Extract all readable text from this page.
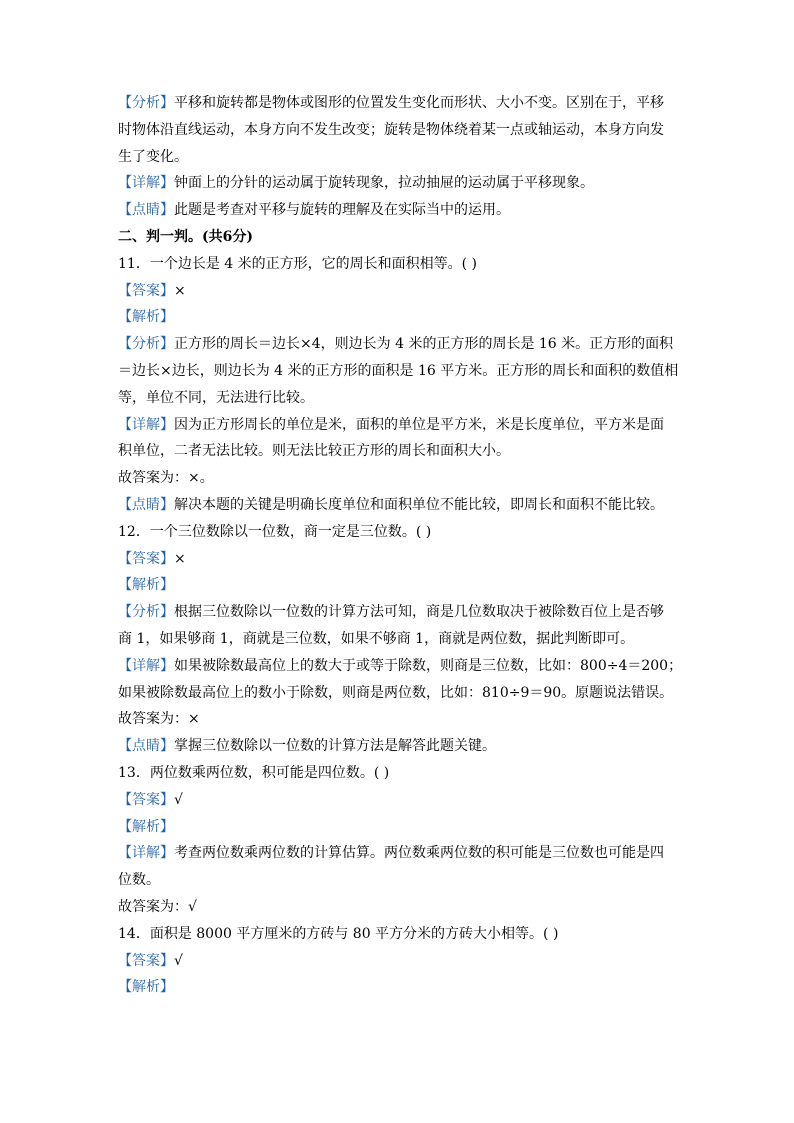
【分析】平移和旋转都是物体或图形的位置发生变化而形状、大小不变。区别在于，平移
时物体沿直线运动，本身方向不发生改变；旋转是物体绕着某一点或轴运动，本身方向发
生了变化。
【详解】钟面上的分针的运动属于旋转现象，拉动抽屉的运动属于平移现象。
【点睛】此题是考查对平移与旋转的理解及在实际当中的运用。
二、判一判。(共6分)
11．一个边长是 4 米的正方形，它的周长和面积相等。( )
【答案】×
【解析】
【分析】正方形的周长＝边长×4，则边长为 4 米的正方形的周长是 16 米。正方形的面积
＝边长×边长，则边长为 4 米的正方形的面积是 16 平方米。正方形的周长和面积的数值相
等，单位不同，无法进行比较。
【详解】因为正方形周长的单位是米，面积的单位是平方米，米是长度单位，平方米是面
积单位，二者无法比较。则无法比较正方形的周长和面积大小。
故答案为：×。
【点睛】解决本题的关键是明确长度单位和面积单位不能比较，即周长和面积不能比较。
12．一个三位数除以一位数，商一定是三位数。( )
【答案】×
【解析】
【分析】根据三位数除以一位数的计算方法可知，商是几位数取决于被除数百位上是否够
商 1，如果够商 1，商就是三位数，如果不够商 1，商就是两位数，据此判断即可。
【详解】如果被除数最高位上的数大于或等于除数，则商是三位数，比如：800÷4＝200；
如果被除数最高位上的数小于除数，则商是两位数，比如：810÷9＝90。原题说法错误。
故答案为：×
【点睛】掌握三位数除以一位数的计算方法是解答此题关键。
13．两位数乘两位数，积可能是四位数。( )
【答案】√
【解析】
【详解】考查两位数乘两位数的计算估算。两位数乘两位数的积可能是三位数也可能是四
位数。
故答案为：√
14．面积是 8000 平方厘米的方砖与 80 平方分米的方砖大小相等。( )
【答案】√
【解析】
